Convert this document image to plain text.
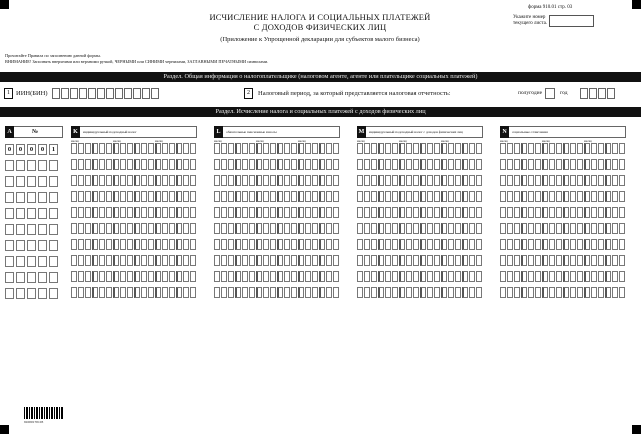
форма 910.01 стр. 03
ИСЧИСЛЕНИЕ НАЛОГА И СОЦИАЛЬНЫХ ПЛАТЕЖЕЙ
С ДОХОДОВ ФИЗИЧЕСКИХ ЛИЦ
(Приложение к Упрощенной декларации для субъектов малого бизнеса)
Укажите номер текущего листа.
Прочитайте Правила по заполнению данной формы.
ВНИМАНИЕ! Заполнять вверхними или верхними ручкой, ЧЕРНЫМИ или СИНИМИ чернилами, ЗАГЛАВНЫМИ ПЕЧАТНЫМИ символами.
Раздел. Общая информация о налогоплательщике (налоговом агенте, агенте или плательщике социальных платежей)
1 ИИН(БИН)	2	Налоговый период, за который представляется налоговая отчетность:	полугодие	год
Раздел. Исчисление налога и социальных платежей с доходов физических лиц
A	№
0	0	0	0	1
K	индивидуальный подоходный налог
месяц	месяц	месяц
L	обязательные пенсионные взносы
месяц	месяц	месяц
M	индивидуальный подоходный налог с доходов физических лиц
месяц	месяц	месяц
N	социальные отчисления
месяц	месяц	месяц
91000170103
